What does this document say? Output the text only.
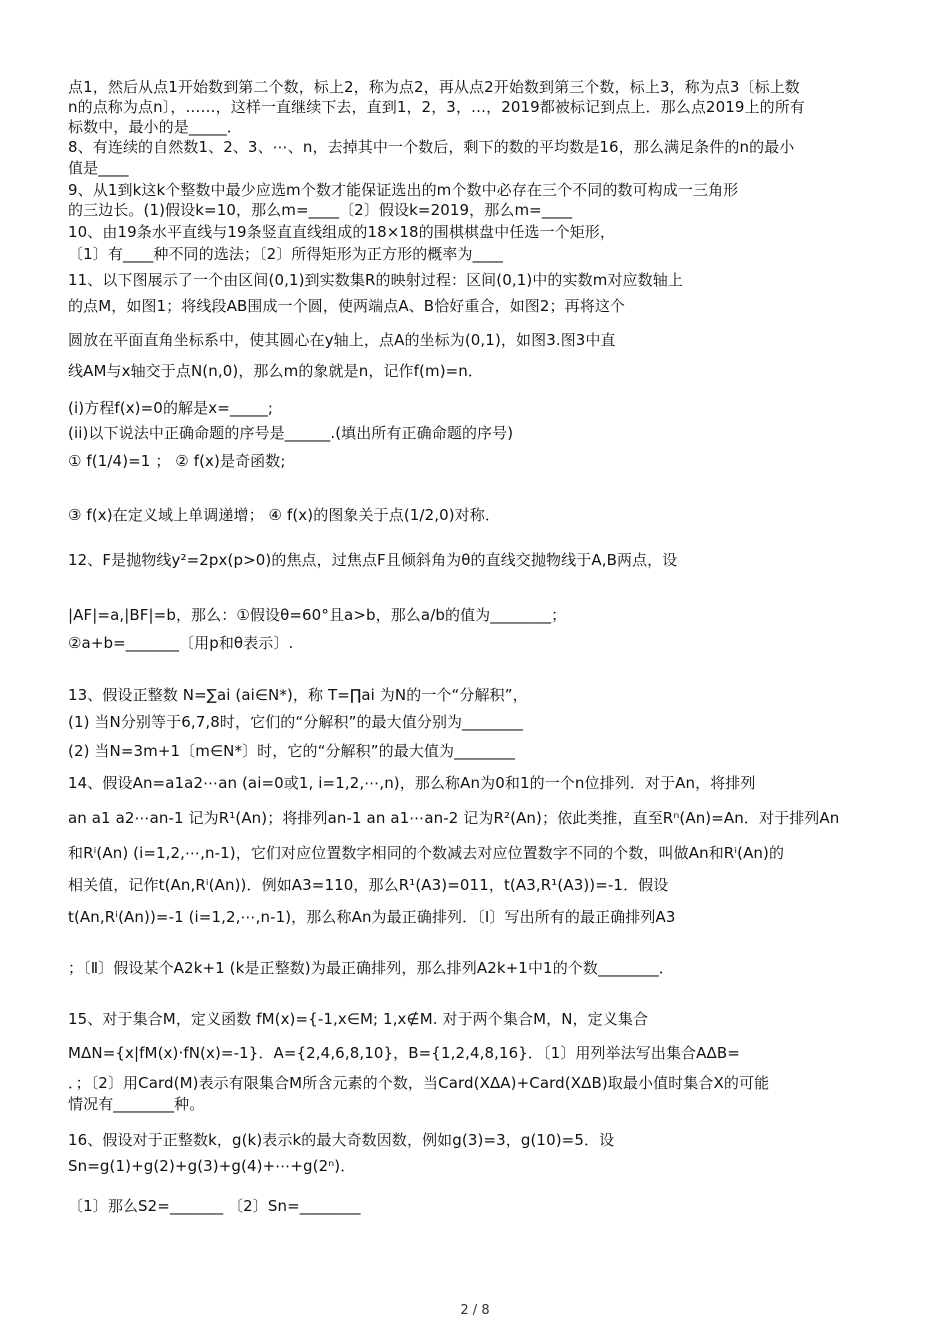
点1，然后从点1开始数到第二个数，标上2，称为点2，再从点2开始数到第三个数，标上3，称为点3〔标上数
n的点称为点n〕，……，这样一直继续下去，直到1，2，3，…，2019都被标记到点上．那么点2019上的所有
标数中，最小的是_____．
8、有连续的自然数1、2、3、⋯、n，去掉其中一个数后，剩下的数的平均数是16，那么满足条件的n的最小
值是____
9、从1到k这k个整数中最少应选m个数才能保证选出的m个数中必存在三个不同的数可构成一三角形
的三边长。(1)假设k=10，那么m=____〔2〕假设k=2019，那么m=____
10、由19条水平直线与19条竖直直线组成的18×18的围棋棋盘中任选一个矩形，
〔1〕有____种不同的选法；〔2〕所得矩形为正方形的概率为____
11、以下图展示了一个由区间(0,1)到实数集R的映射过程：区间(0,1)中的实数m对应数轴上
的点M，如图1；将线段AB围成一个圆，使两端点A、B恰好重合，如图2；再将这个
圆放在平面直角坐标系中，使其圆心在y轴上，点A的坐标为(0,1)，如图3.图3中直
线AM与x轴交于点N(n,0)，那么m的象就是n，记作f(m)=n．
(i)方程f(x)=0的解是x=_____;
(ii)以下说法中正确命题的序号是______.(填出所有正确命题的序号)
① f(1/4)=1 ； ② f(x)是奇函数;
③ f(x)在定义域上单调递增； ④ f(x)的图象关于点(1/2,0)对称．
12、F是抛物线y²=2px(p>0)的焦点，过焦点F且倾斜角为θ的直线交抛物线于A,B两点，设
|AF|=a,|BF|=b，那么：①假设θ=60°且a>b，那么a/b的值为________；
②a+b=_______〔用p和θ表示〕.
13、假设正整数 N=∑ai (ai∈N*)，称 T=∏ai 为N的一个“分解积”，
(1) 当N分别等于6,7,8时，它们的“分解积”的最大值分别为________
(2) 当N=3m+1〔m∈N*〕时，它的“分解积”的最大值为________
14、假设An=a1a2⋯an (ai=0或1, i=1,2,⋯,n)，那么称An为0和1的一个n位排列．对于An，将排列
an a1 a2⋯an-1 记为R¹(An)；将排列an-1 an a1⋯an-2 记为R²(An)；依此类推，直至Rⁿ(An)=An．对于排列An
和Rⁱ(An) (i=1,2,⋯,n-1)，它们对应位置数字相同的个数减去对应位置数字不同的个数，叫做An和Rⁱ(An)的
相关值，记作t(An,Rⁱ(An))．例如A3=110，那么R¹(A3)=011，t(A3,R¹(A3))=-1．假设
t(An,Rⁱ(An))=-1 (i=1,2,⋯,n-1)，那么称An为最正确排列．〔Ⅰ〕写出所有的最正确排列A3
；〔Ⅱ〕假设某个A2k+1 (k是正整数)为最正确排列，那么排列A2k+1中1的个数________．
15、对于集合M，定义函数 fM(x)={-1,x∈M; 1,x∉M. 对于两个集合M，N，定义集合
MΔN={x|fM(x)·fN(x)=-1}．A={2,4,6,8,10}，B={1,2,4,8,16}．〔1〕用列举法写出集合AΔB=
．；〔2〕用Card(M)表示有限集合M所含元素的个数，当Card(XΔA)+Card(XΔB)取最小值时集合X的可能
情况有________种。
16、假设对于正整数k，g(k)表示k的最大奇数因数，例如g(3)=3，g(10)=5．设
Sn=g(1)+g(2)+g(3)+g(4)+⋯+g(2ⁿ)．
〔1〕那么S2=_______ 〔2〕Sn=________
2 / 8
